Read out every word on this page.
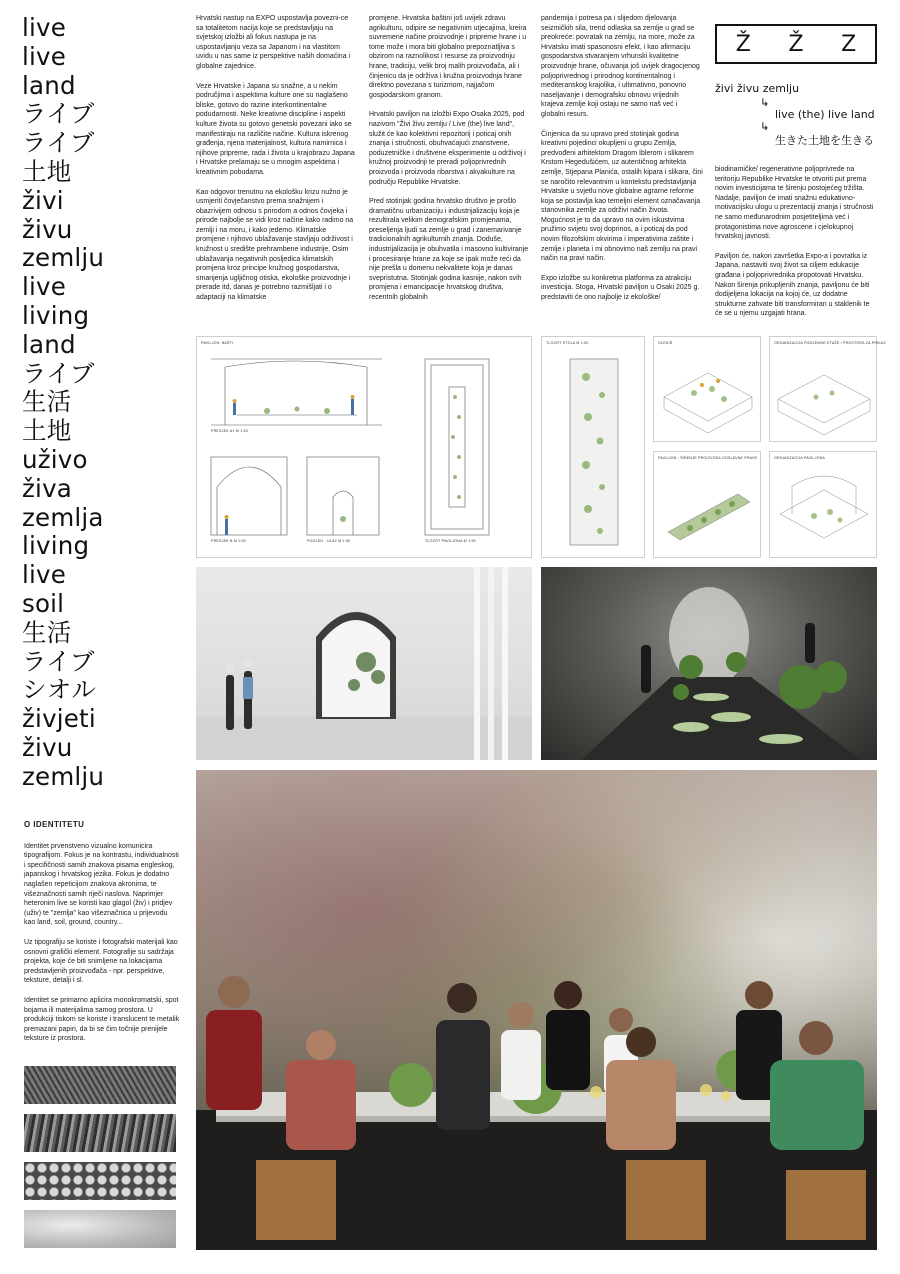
live
live
land
ライブ
ライブ
土地
živi
živu
zemlju
live
living
land
ライブ
生活
土地
uživo
živa
zemlja
living
live
soil
生活
ライブ
シオル
živjeti
živu
zemlju
O IDENTITETU

Identitet prvenstveno vizualno komunicira tipografijom. Fokus je na kontrastu, individualnosti i specifičnosti samih znakova pisama engleskog, japanskog i hrvatskog jezika. Fokus je dodatno naglašen repeticijom znakova akronima, te višeznačnosti samih riječi naslova. Naprimjer heteronim live se koristi kao glagol (živ) i pridjev (uživ) te "zemlja" kao višeznačnica u prijevodu kao land, soil, ground, country...

Uz tipografiju se koriste i fotografski materijali kao osnovni grafički element. Fotografije su sadržaja projekta, koje će biti snimljene na lokacijama predstavljenih proizvođača - npr. perspektive, teksture, detalji i sl.

Identitet se primarno aplicira monokromatski, spot bojama ili materijalima samog prostora. U produkciji tiskom se koriste i translucent te metalik premazani papiri, da bi se čim točnije prenijele teksture iz prostora.

Hrvatski nastup na EXPO uspostavlja povezni-ce sa totalitetom nacija koje se predstavljaju na svjetskoj izložbi ali fokus nastupa je na uspostavljanju veza sa Japanom i na vlastitom uvidu u nas same iz perspektive naših domaćina i globalne zajednice.

Veze Hrvatske i Japana su snažne, a u nekim područjima i aspektima kulture one su naglašeno bliske, gotovo do razine interkontinentalne podudarnosti. Neke kreativne discipline i aspekti kulture života su gotovo genetski povezani iako se manifestiraju na različite načine. Kultura iskrenog građenja, njena materijalnost, kultura namirnica i njihove pripreme, rada i života u krajobrazu Japana i Hrvatske prelamaju se u mnogim aspektima i kreativnim pobudama.

Kao odgovor trenutnu na ekološku krizu nužno je usmjeriti čovječanstvo prema snažnijem i obazrivijem odnosu s prirodom a odnos čovjeka i prirode najbolje se vidi kroz načine kako radimo na zemlji i na moru, i kako jedemo. Klimatske promjene i njihovo ublažavanje stavljaju održivost i kružnost u središte prehrambene industrije. Osim ublažavanja negativnih posljedica klimatskih promjena kroz principe kružnog gospodarstva, smanjenja ugljičnog otiska, ekološke proizvodnje i prerade itd, danas je potrebno razmišljati i o adaptaciji na klimatske

promjene. Hrvatska baštini još uvijek zdravu agrikulturu, odipire se negativnim utjecajima, kreira suvremene načine proizvodnje i pripreme hrane i u tome može i mora biti globalno prepoznatljiva s obzirom na raznolikost i resurse za proizvodnju hrane, tradiciju, velik broj malih proizvođača, ali i činjenicu da je održiva i kružna proizvodnja hrane direktno povezana s turizmom, najjačom gospodarskom granom.

Hrvatski paviljon na izložbi Expo Osaka 2025, pod nazivom "Živi živu zemlju / Live (the) live land", služit će kao kolektivni repozitorij i poticaj onih znanja i stručnosti, obuhvaćajući znanstvene, poduzetničke i društvene eksperimente u održivoj i kružnoj proizvodnji te preradi poljoprivrednih proizvoda i proizvoda ribarstva i akvakulture na području Republike Hrvatske.

Pred stotinjak godina hrvatsko društvo je prošlo dramatičnu urbanizaciju i industrijalizaciju koja je rezultirala velikim demografskim promjenama, preseljenja ljudi sa zemlje u grad i zanemarivanje tradicionalnih agrikulturnih znanja. Doduše, industrijalizacija je obuhvatila i masovno kultiviranje i procesiranje hrane za koje se ipak može reći da nije prešla u domenu nekvalitete koja je danas svepristutna. Stotinjak godina kasnije, nakon svih promjena i emancipacije hrvatskog društva, recentnih globalnih

pandemija i potresa pa i slijedom djelovanja seizmičkih sila, trend odlaska sa zemlje u grad se preokreće: povratak na zemlju, na more, može za Hrvatsku imati spasonosni efekt, i kao afirmaciju gospodarstva stvaranjem vrhunski kvalitetne proizvodnje hrane, očuvanja još uvijek dragocjenog poljoprivrednog i prirodnog kontinentalnog i mediteranskog krajolika, i ultimativno, ponovno naseljavanje i demografsku obnovu vrijednih krajeva zemlje koji ostaju ne samo naš već i globalni resurs.

Činjenica da su upravo pred stotinjak godina kreativni pojedinci okupljeni u grupu Zemlja, predvođeni arhitektom Dragom Iblerom i slikarem Krstom Hegedušićem, uz autentičnog arhitekta zemlje, Stjepana Planića, ostalih kipara i slikara, čini se naročito relevantnim u kontekstu predstavljanja Hrvatske u svjetlu nove globalne agrarne reforme koja se postavlja kao temeljni element označavanja stanovnika zemlje za održivi način života. Mogućnost je to da upravo na ovim iskustvima pružimo svijetu svoj doprinos, a i poticaj da pod novim filozofskim okvirima i imperativima zaštite i zemlje i planeta i mi obnovimo naš zemlju na pravi način na pravi način.

Expo izložbe su konkretna platforma za atrakciju investicija. Stoga, Hrvatski paviljon u Osaki 2025 g. predstaviti će ono najbolje iz ekološke/

biodinamičke/ regenerativne poljoprivrede na teritoriju Republike Hrvatske te otvoriti put prema novim investicijama te širenju postojećeg tržišta. Nadalje, paviljon će imati snažnu edukativno-motivacijsku ulogu u prezentaciji znanja i stručnosti ne samo međunarodnim posjetiteljima već i protagonistima nove agroscene i cjelokupnoj hrvatskoj javnosti.

Paviljon će, nakon završetka Expo-a i povratka iz Japana, nastaviti svoj život sa ciljem edukacije građana i poljoprivrednika propotovati Hrvatsku. Nakon širenja prikupljenih znanja, paviljonu će biti dodijeljena lokacija na kojoj će, uz dodatne strukturne zahvate biti transformiran u staklenik te će se u njemu uzgajati hrana.

Ž Ž Z
živi živu zemlju
↳
live (the) live land
↳
生きた土地を生きる
PAVILJON: BAŠTI
PRESJEK A1 M 1:50
PRESJEK B M 1:50	POGLED - ULAZ M 1:50	TLOCRT PAVILJONA M 1:50
TLOCRT STOLA M 1:50	GLEDIŠ	ORGANIZACIJA PODZEMNE ETAŽE / PROSTORA ZA PRIKAZ
PAVILJON - ŠIRENJE PROIZVODA GOSLAVNE PRAVE	ORGANIZACIJA PAVILJONA
